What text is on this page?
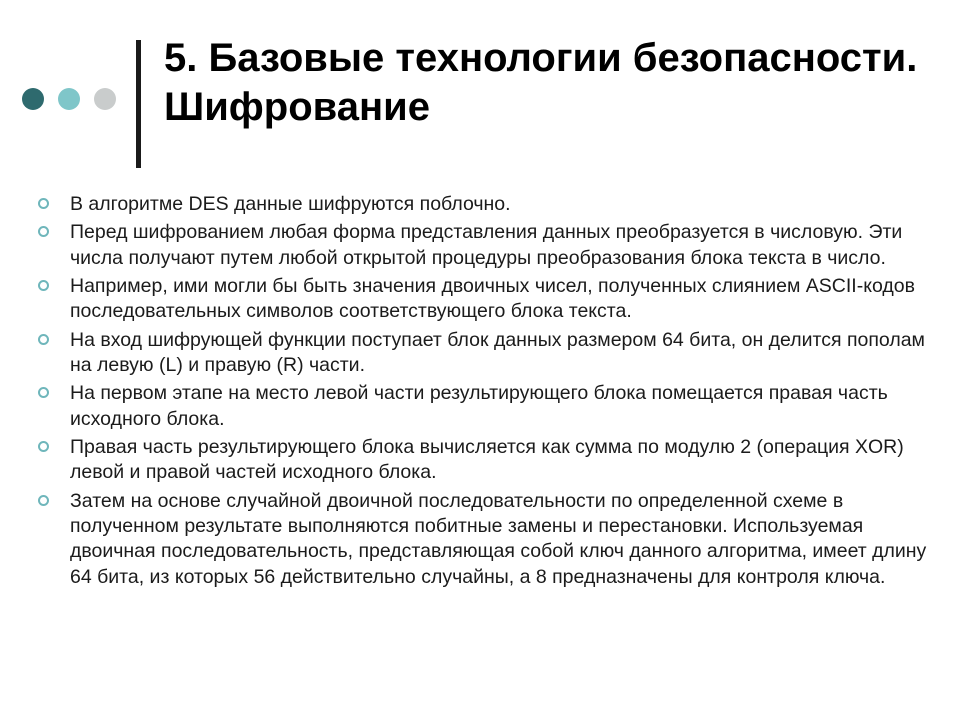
5. Базовые технологии безопасности. Шифрование

В алгоритме DES данные шифруются поблочно.

Перед шифрованием любая форма представления данных преобразуется в числовую. Эти числа получают путем любой открытой процедуры преобразования блока текста в число.

Например, ими могли бы быть значения двоичных чисел, полученных слиянием ASCII-кодов последовательных символов соответствующего блока текста.

На вход шифрующей функции поступает блок данных размером 64 бита, он делится пополам на левую (L) и правую (R) части.

На первом этапе на место левой части результирующего блока помещается правая часть исходного блока.

Правая часть результирующего блока вычисляется как сумма по модулю 2 (операция XOR) левой и правой частей исходного блока.

Затем на основе случайной двоичной последовательности по определенной схеме в полученном результате выполняются побитные замены и перестановки. Используемая двоичная последовательность, представляющая собой ключ данного алгоритма, имеет длину 64 бита, из которых 56 действительно случайны, а 8 предназначены для контроля ключа.
